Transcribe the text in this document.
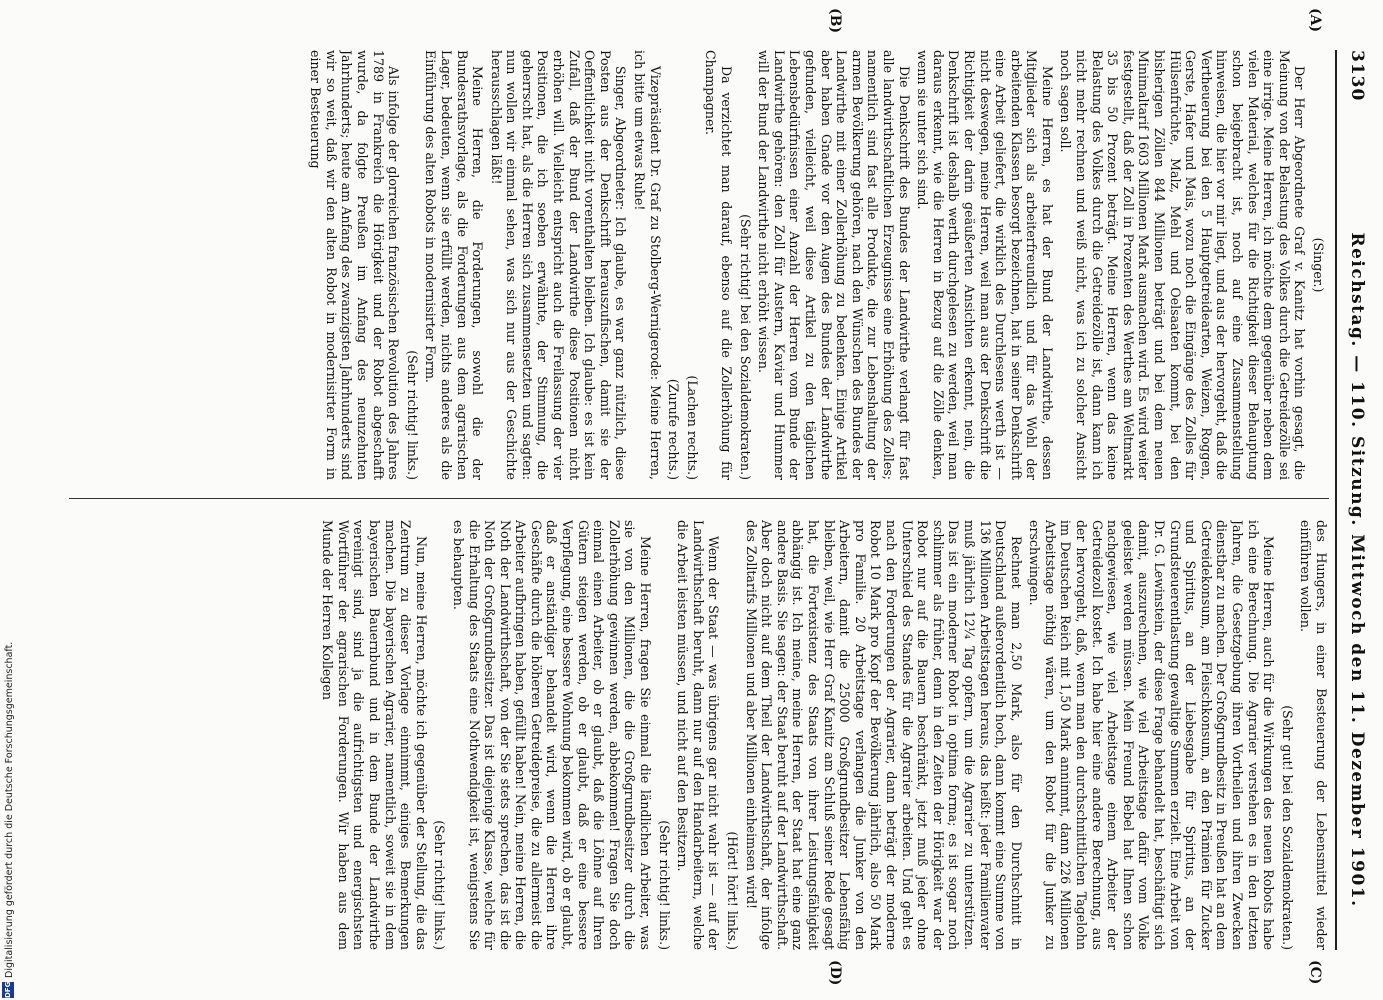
3130
Reichstag. — 110. Sitzung. Mittwoch den 11. Dezember 1901.
(A)
(B)
(C)
(D)

(Singer.)

Der Herr Abgeordnete Graf v. Kanitz hat vorhin gesagt, die Meinung von der Belastung des Volkes durch die Getreidezölle sei eine irrige. Meine Herren, ich möchte dem gegenüber neben dem vielen Material, welches für die Richtigkeit dieser Behauptung schon beigebracht ist, noch auf eine Zusammenstellung hinweisen, die hier vor mir liegt, und aus der hervorgeht, daß die Vertheuerung bei den 5 Hauptgetreidearten, Weizen, Roggen, Gerste, Hafer und Mais, wozu noch die Eingänge des Zolles für Hülsenfrüchte, Malz, Mehl und Oelsaaten kommt, bei den bisherigen Zöllen 844 Millionen beträgt und bei dem neuen Minimaltarif 1603 Millionen Mark ausmachen wird. Es wird weiter festgestellt, daß der Zoll in Prozenten des Werthes am Weltmarkt 35 bis 50 Prozent beträgt. Meine Herren, wenn das keine Belastung des Volkes durch die Getreidezölle ist, dann kann ich nicht mehr rechnen und weiß nicht, was ich zu solcher Ansicht noch sagen soll.

Meine Herren, es hat der Bund der Landwirthe, dessen Mitglieder sich als arbeiterfreundlich und für das Wohl der arbeitenden Klassen besorgt bezeichnen, hat in seiner Denkschrift eine Arbeit geliefert, die wirklich des Durchlesens werth ist — nicht deswegen, meine Herren, weil man aus der Denkschrift die Richtigkeit der darin geäußerten Ansichten erkennt, nein, die Denkschrift ist deshalb werth durchgelesen zu werden, weil man daraus erkennt, wie die Herren in Bezug auf die Zölle denken, wenn sie unter sich sind.

Die Denkschrift des Bundes der Landwirthe verlangt für fast alle landwirthschaftlichen Erzeugnisse eine Erhöhung des Zolles; namentlich sind fast alle Produkte, die zur Lebenshaltung der armen Bevölkerung gehören, nach den Wünschen des Bundes der Landwirthe mit einer Zollerhöhung zu bedenken. Einige Artikel aber haben Gnade vor den Augen des Bundes der Landwirthe gefunden, vielleicht, weil diese Artikel zu den täglichen Lebensbedürfnissen einer Anzahl der Herren vom Bunde der Landwirthe gehören: den Zoll für Austern, Kaviar und Hummer will der Bund der Landwirthe nicht erhöht wissen.

(Sehr richtig! bei den Sozialdemokraten.)

Da verzichtet man darauf, ebenso auf die Zollerhöhung für Champagner.

(Lachen rechts.)

(Zurufe rechts.)

Vizepräsident Dr. Graf zu Stolberg-Wernigerode: Meine Herren, ich bitte um etwas Ruhe!

Singer, Abgeordneter: Ich glaube, es war ganz nützlich, diese Posten aus der Denkschrift herauszufischen, damit sie der Oeffentlichkeit nicht vorenthalten bleiben. Ich glaube: es ist kein Zufall, daß der Bund der Landwirthe diese Positionen nicht erhöhen will. Vielleicht entspricht auch die Freilassung der vier Positionen, die ich soeben erwähnte, der Stimmung, die geherrscht hat, als die Herren sich zusammensetzten und sagten: nun wollen wir einmal sehen, was sich nur aus der Geschichte herausschlagen läßt!

Meine Herren, die Forderungen, sowohl die der Bundesrathsvorlage, als die Forderungen aus dem agrarischen Lager, bedeuten, wenn sie erfüllt werden, nichts anderes als die Einführung des alten Robots in modernisirter Form.

(Sehr richtig! links.)

Als infolge der glorreichen französischen Revolution des Jahres 1789 in Frankreich die Hörigkeit und der Robot abgeschafft wurde, da folgte Preußen im Anfang des neunzehnten Jahrhunderts; heute am Anfang des zwanzigsten Jahrhunderts sind wir so weit, daß wir den alten Robot in modernisirter Form in einer Besteuerung

des Hungers, in einer Besteuerung der Lebensmittel wieder einführen wollen.

(Sehr gut! bei den Sozialdemokraten.)

Meine Herren, auch für die Wirkungen des neuen Robots habe ich eine Berechnung. Die Agrarier verstehen es in den letzten Jahren, die Gesetzgebung ihren Vortheilen und ihren Zwecken dienstbar zu machen. Der Großgrundbesitz in Preußen hat an dem Getreidekonsum, am Fleischkonsum, an den Prämien für Zucker und Spiritus, an der Liebesgabe für Spiritus, an der Grundsteuerentlastung gewaltige Summen erzielt. Eine Arbeit von Dr. G. Lewinstein, der diese Frage behandelt hat, beschäftigt sich damit, auszurechnen, wie viel Arbeitstage dafür vom Volke geleistet werden müssen. Mein Freund Bebel hat Ihnen schon nachgewiesen, wie viel Arbeitstage einem Arbeiter der Getreidezoll kostet. Ich habe hier eine andere Berechnung, aus der hervorgeht, daß, wenn man den durchschnittlichen Tagelohn im Deutschen Reich mit 1,50 Mark annimmt, dann 226 Millionen Arbeitstage nöthig wären, um den Robot für die Junker zu erschwingen.

Rechnet man 2,50 Mark, also für den Durchschnitt in Deutschland außerordentlich hoch, dann kommt eine Summe von 136 Millionen Arbeitstagen heraus, das heißt: jeder Familienvater muß jährlich 12¼ Tag opfern, um die Agrarier zu unterstützen. Das ist ein moderner Robot in optima forma; es ist sogar noch schlimmer als früher, denn in den Zeiten der Hörigkeit war der Robot nur auf die Bauern beschränkt, jetzt muß jeder ohne Unterschied des Standes für die Agrarier arbeiten. Und geht es nach den Forderungen der Agrarier, dann beträgt der moderne Robot 10 Mark pro Kopf der Bevölkerung jährlich, also 50 Mark pro Familie. 20 Arbeitstage verlangen die Junker von den Arbeitern, damit die 25000 Großgrundbesitzer Lebensfähig bleiben, weil, wie Herr Graf Kanitz am Schluß seiner Rede gesagt hat, die Fortexistenz des Staats von ihrer Leistungsfähigkeit abhängig ist. Ich meine, meine Herren, der Staat hat eine ganz andere Basis. Sie sagen: der Staat beruht auf der Landwirthschaft. Aber doch nicht auf dem Theil der Landwirthschaft, der infolge des Zolltarifs Millionen und aber Millionen einheimsen wird!

(Hört! hört! links.)

Wenn der Staat — was übrigens gar nicht wahr ist — auf der Landwirthschaft beruht, dann nur auf den Handarbeitern, welche die Arbeit leisten müssen, und nicht auf den Besitzern.

(Sehr richtig! links.)

Meine Herren, fragen Sie einmal die ländlichen Arbeiter, was sie von den Millionen, die die Großgrundbesitzer durch die Zollerhöhung gewinnen werden, abbekommen! Fragen Sie doch einmal einen Arbeiter, ob er glaubt, daß die Löhne auf Ihren Gütern steigen werden, ob er glaubt, daß er eine bessere Verpflegung, eine bessere Wohnung bekommen wird, ob er glaubt, daß er anständiger behandelt wird, wenn die Herren ihre Geschäfte durch die höheren Getreidepreise, die zu allermeist die Arbeiter aufbringen haben, gefüllt haben! Nein, meine Herren, die Noth der Landwirthschaft, von der Sie stets sprechen, das ist die Noth der Großgrundbesitzer. Das ist diejenige Klasse, welche für die Erhaltung des Staats eine Nothwendigkeit ist, wenigstens Sie es behaupten.

(Sehr richtig! links.)

Nun, meine Herren, möchte ich gegenüber der Stellung, die das Zentrum zu dieser Vorlage einnimmt, einiges Bemerkungen machen. Die bayerischen Agrarier, namentlich, soweit sie in dem bayerischen Bauernbund und in dem Bunde der Landwirthe vereinigt sind, sind ja die aufrichtigsten und energischsten Wortführer der agrarischen Forderungen. Wir haben aus dem Munde der Herren Kollegen

DFG
Digitalisierung gefördert durch die Deutsche Forschungsgemeinschaft.
